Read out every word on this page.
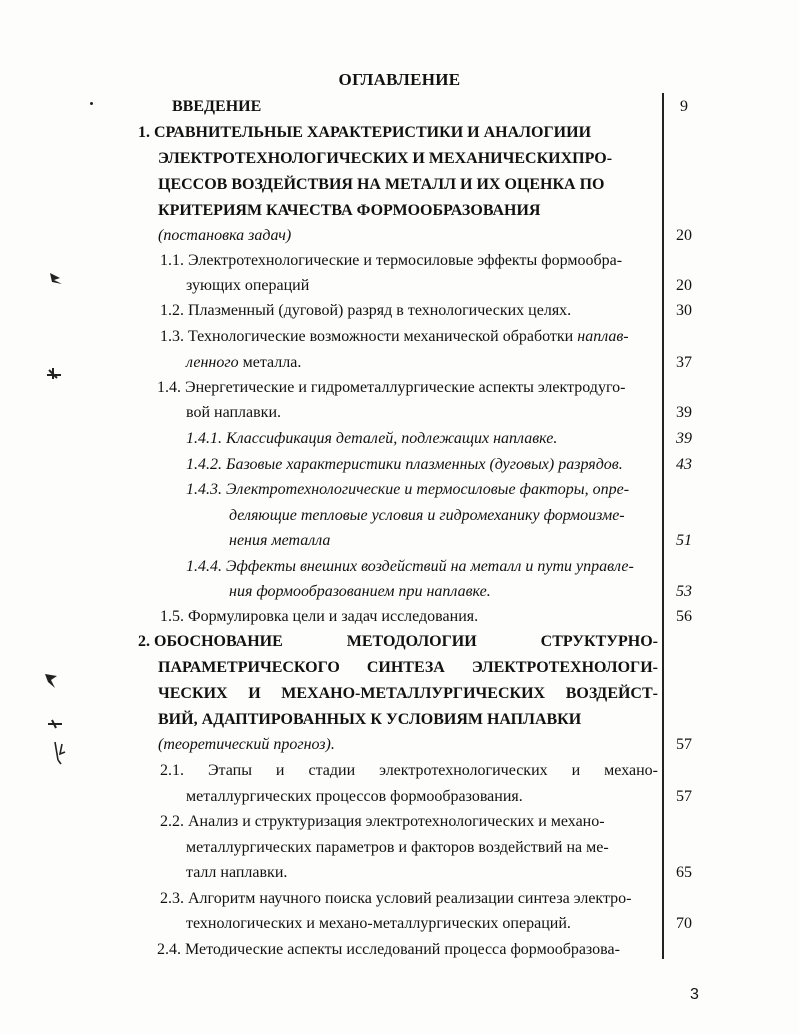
ОГЛАВЛЕНИЕ
ВВЕДЕНИЕ	9
1. СРАВНИТЕЛЬНЫЕ ХАРАКТЕРИСТИКИ И АНАЛОГИИИ
ЭЛЕКТРОТЕХНОЛОГИЧЕСКИХ И МЕХАНИЧЕСКИХПРО-
ЦЕССОВ ВОЗДЕЙСТВИЯ НА МЕТАЛЛ И ИХ ОЦЕНКА ПО
КРИТЕРИЯМ КАЧЕСТВА ФОРМООБРАЗОВАНИЯ
(постановка задач)	20
1.1. Электротехнологические и термосиловые эффекты формообра-
зующих операций	20
1.2. Плазменный (дуговой) разряд в технологических целях.	30
1.3. Технологические возможности механической обработки наплав-
ленного металла.	37
1.4. Энергетические и гидрометаллургические аспекты электродуго-
вой наплавки.	39
1.4.1. Классификация деталей, подлежащих наплавке.	39
1.4.2. Базовые характеристики плазменных (дуговых) разрядов.	43
1.4.3. Электротехнологические и термосиловые факторы, опре-
деляющие тепловые условия и гидромеханику формоизме-
нения металла	51
1.4.4. Эффекты внешних воздействий на металл и пути управле-
ния формообразованием при наплавке.	53
1.5. Формулировка цели и задач исследования.	56
2. ОБОСНОВАНИЕ	МЕТОДОЛОГИИ	СТРУКТУРНО-
ПАРАМЕТРИЧЕСКОГО СИНТЕЗА ЭЛЕКТРОТЕХНОЛОГИ-
ЧЕСКИХ И МЕХАНО-МЕТАЛЛУРГИЧЕСКИХ ВОЗДЕЙСТ-
ВИЙ, АДАПТИРОВАННЫХ К УСЛОВИЯМ НАПЛАВКИ
(теоретический прогноз).	57
2.1. Этапы и стадии электротехнологических и механо-
металлургических процессов формообразования.	57
2.2. Анализ и структуризация электротехнологических и механо-
металлургических параметров и факторов воздействий на ме-
талл наплавки.	65
2.3. Алгоритм научного поиска условий реализации синтеза электро-
технологических и механо-металлургических операций.	70
2.4. Методические аспекты исследований процесса формообразова-
3
